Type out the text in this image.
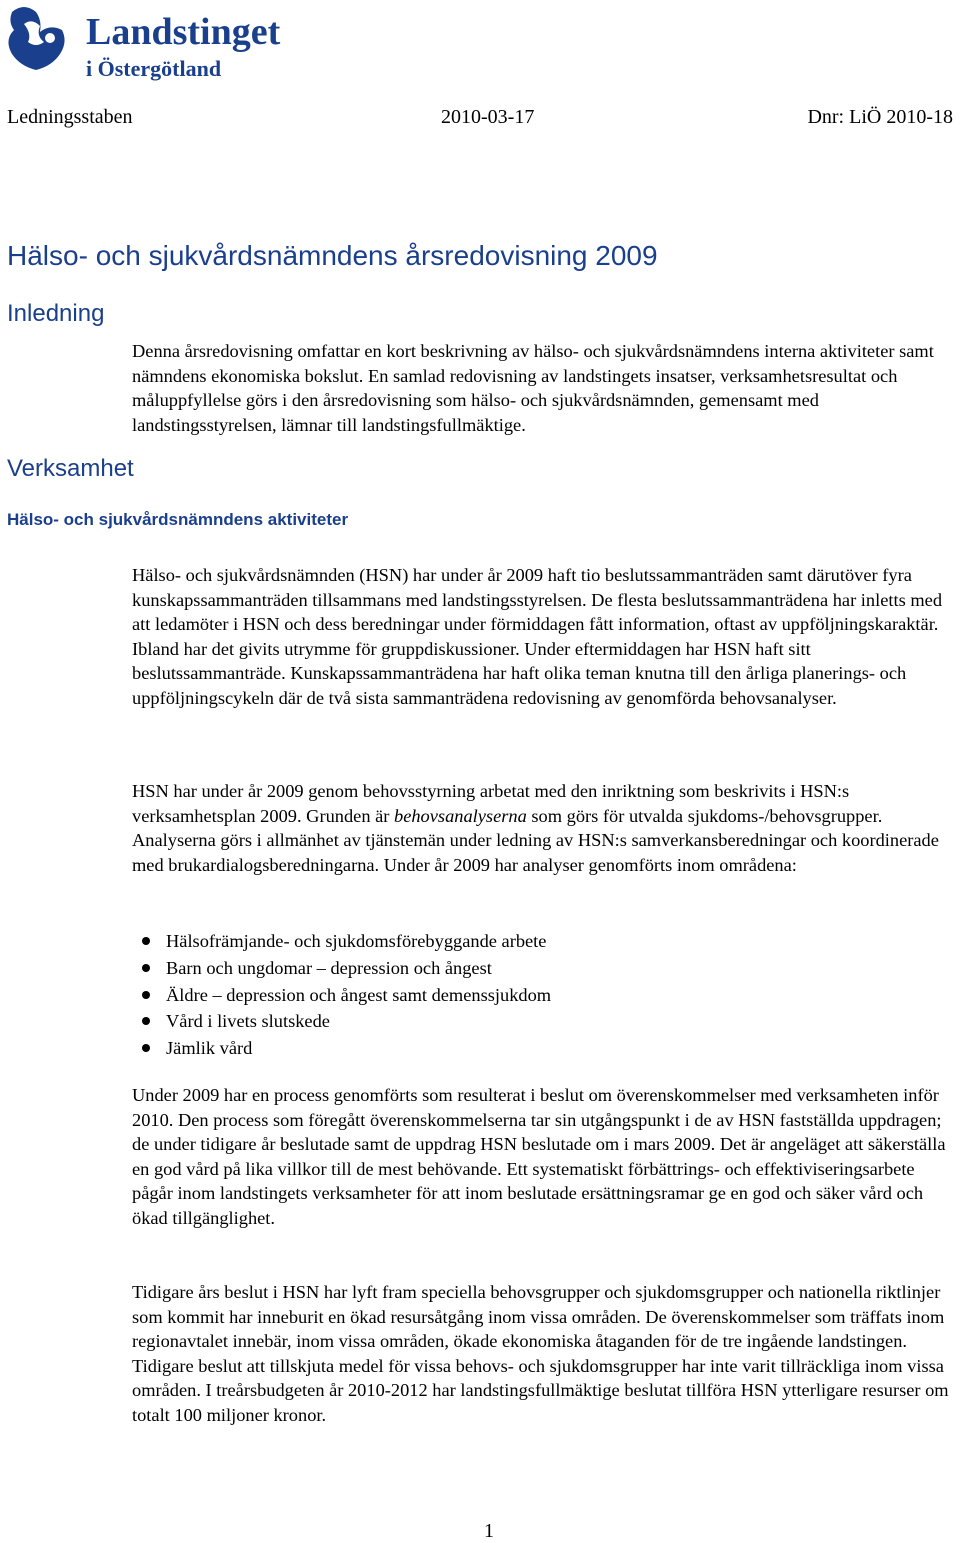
Landstinget
i Östergötland
Ledningsstaben	2010-03-17	Dnr: LiÖ 2010-18
Hälso- och sjukvårdsnämndens årsredovisning 2009
Inledning

Denna årsredovisning omfattar en kort beskrivning av hälso- och sjukvårdsnämndens interna aktiviteter samt nämndens ekonomiska bokslut. En samlad redovisning av landstingets insatser, verksamhetsresultat och måluppfyllelse görs i den årsredovisning som hälso- och sjukvårdsnämnden, gemensamt med landstingsstyrelsen, lämnar till landstingsfullmäktige.

Verksamhet
Hälso- och sjukvårdsnämndens aktiviteter

Hälso- och sjukvårdsnämnden (HSN) har under år 2009 haft tio beslutssammanträden samt därutöver fyra kunskapssammanträden tillsammans med landstingsstyrelsen. De flesta beslutssammanträdena har inletts med att ledamöter i HSN och dess beredningar under förmiddagen fått information, oftast av uppföljningskaraktär. Ibland har det givits utrymme för gruppdiskussioner. Under eftermiddagen har HSN haft sitt beslutssammanträde. Kunskapssammanträdena har haft olika teman knutna till den årliga planerings- och uppföljningscykeln där de två sista sammanträdena redovisning av genomförda behovsanalyser.

HSN har under år 2009 genom behovsstyrning arbetat med den inriktning som beskrivits i HSN:s verksamhetsplan 2009. Grunden är behovsanalyserna som görs för utvalda sjukdoms-/behovsgrupper. Analyserna görs i allmänhet av tjänstemän under ledning av HSN:s samverkansberedningar och koordinerade med brukardialogsberedningarna. Under år 2009 har analyser genomförts inom områdena:

Hälsofrämjande- och sjukdomsförebyggande arbete
Barn och ungdomar – depression och ångest
Äldre – depression och ångest samt demenssjukdom
Vård i livets slutskede
Jämlik vård

Under 2009 har en process genomförts som resulterat i beslut om överenskommelser med verksamheten inför 2010. Den process som föregått överenskommelserna tar sin utgångspunkt i de av HSN fastställda uppdragen; de under tidigare år beslutade samt de uppdrag HSN beslutade om i mars 2009. Det är angeläget att säkerställa en god vård på lika villkor till de mest behövande. Ett systematiskt förbättrings- och effektiviseringsarbete pågår inom landstingets verksamheter för att inom beslutade ersättningsramar ge en god och säker vård och ökad tillgänglighet.

Tidigare års beslut i HSN har lyft fram speciella behovsgrupper och sjukdomsgrupper och nationella riktlinjer som kommit har inneburit en ökad resursåtgång inom vissa områden. De överenskommelser som träffats inom regionavtalet innebär, inom vissa områden, ökade ekonomiska åtaganden för de tre ingående landstingen. Tidigare beslut att tillskjuta medel för vissa behovs- och sjukdomsgrupper har inte varit tillräckliga inom vissa områden. I treårsbudgeten år 2010-2012 har landstingsfullmäktige beslutat tillföra HSN ytterligare resurser om totalt 100 miljoner kronor.

1
